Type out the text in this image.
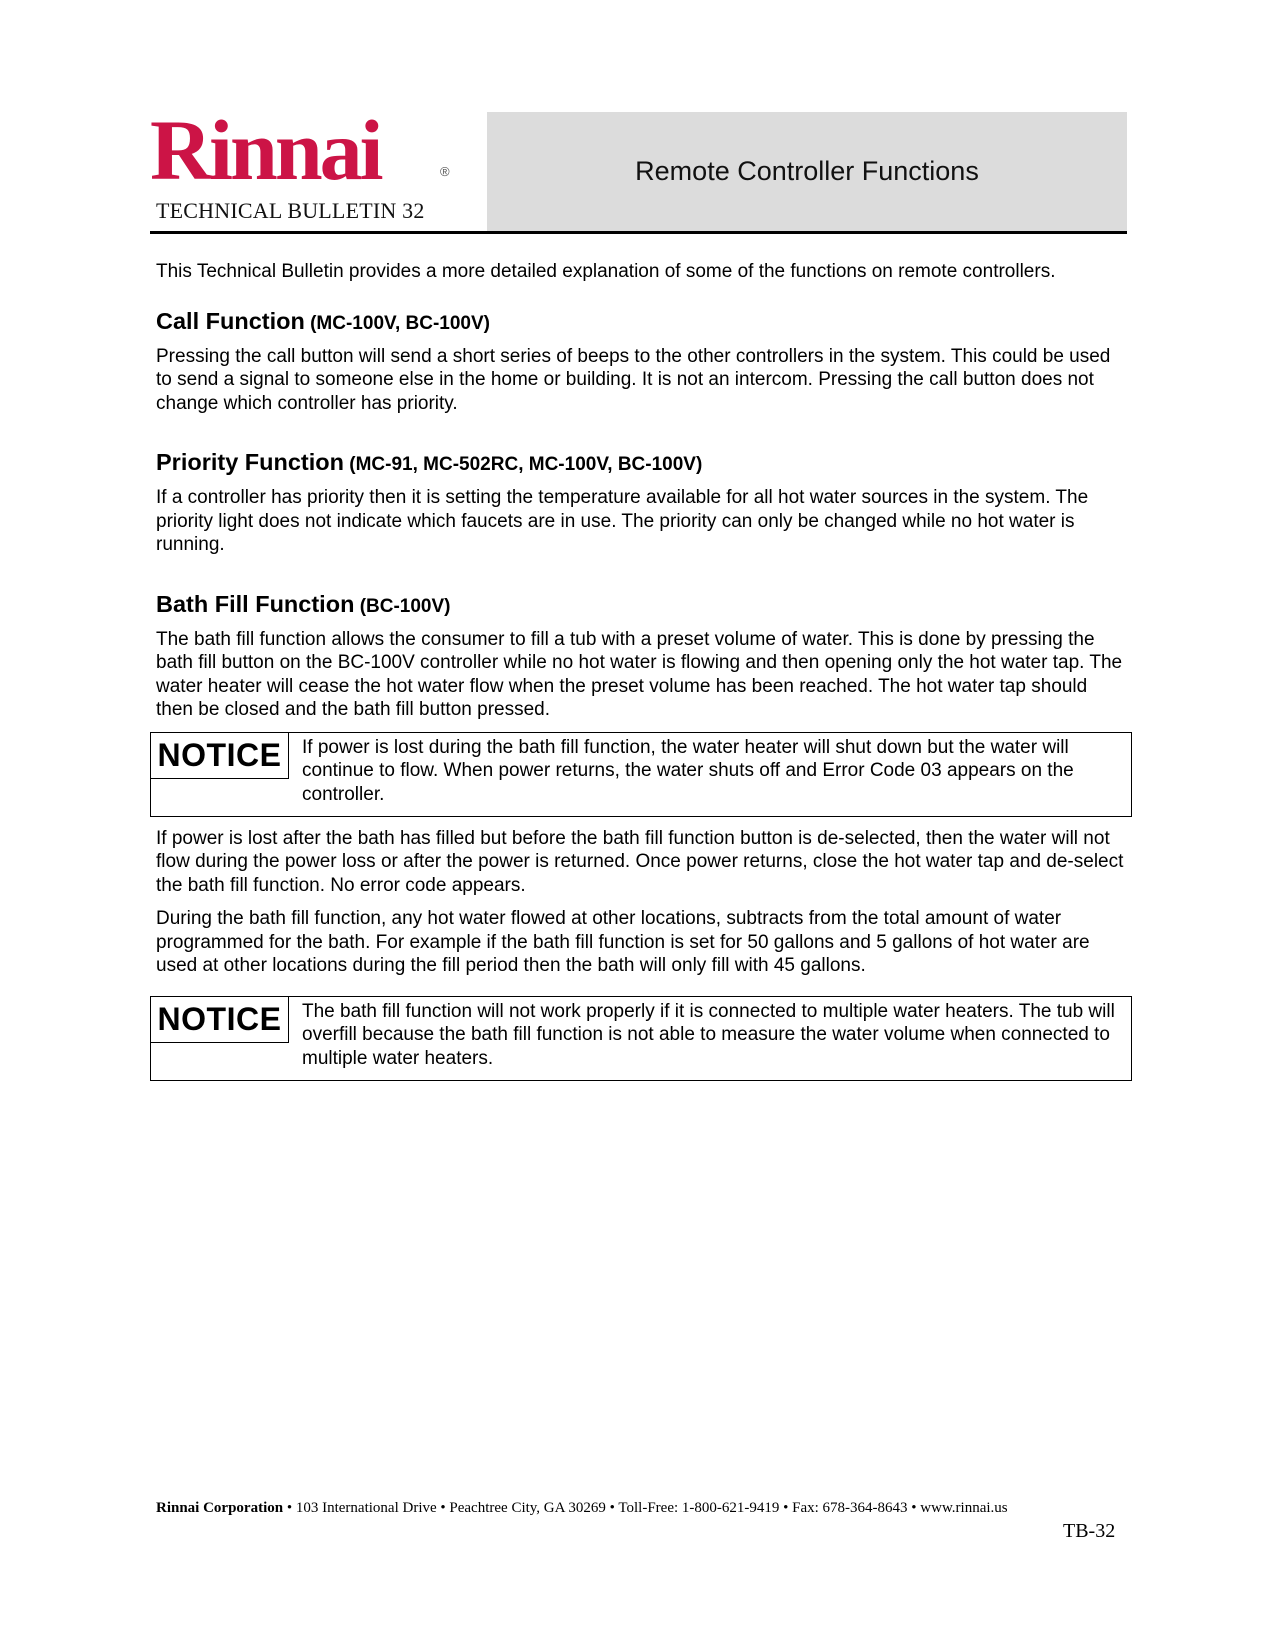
Rinnai	®
TECHNICAL BULLETIN 32
Remote Controller Functions

This Technical Bulletin provides a more detailed explanation of some of the functions on remote controllers.

Call Function (MC-100V, BC-100V)

Pressing the call button will send a short series of beeps to the other controllers in the system. This could be used to send a signal to someone else in the home or building. It is not an intercom. Pressing the call button does not change which controller has priority.

Priority Function (MC-91, MC-502RC, MC-100V, BC-100V)

If a controller has priority then it is setting the temperature available for all hot water sources in the system. The priority light does not indicate which faucets are in use. The priority can only be changed while no hot water is running.

Bath Fill Function (BC-100V)

The bath fill function allows the consumer to fill a tub with a preset volume of water. This is done by pressing the bath fill button on the BC-100V controller while no hot water is flowing and then opening only the hot water tap. The water heater will cease the hot water flow when the preset volume has been reached. The hot water tap should then be closed and the bath fill button pressed.

NOTICE	If power is lost during the bath fill function, the water heater will shut down but the water will continue to flow. When power returns, the water shuts off and Error Code 03 appears on the controller.

If power is lost after the bath has filled but before the bath fill function button is de-selected, then the water will not flow during the power loss or after the power is returned. Once power returns, close the hot water tap and de-select the bath fill function. No error code appears.

During the bath fill function, any hot water flowed at other locations, subtracts from the total amount of water programmed for the bath. For example if the bath fill function is set for 50 gallons and 5 gallons of hot water are used at other locations during the fill period then the bath will only fill with 45 gallons.

NOTICE	The bath fill function will not work properly if it is connected to multiple water heaters. The tub will overfill because the bath fill function is not able to measure the water volume when connected to multiple water heaters.
Rinnai Corporation • 103 International Drive • Peachtree City, GA 30269 • Toll-Free: 1-800-621-9419 • Fax: 678-364-8643 • www.rinnai.us
TB-32
